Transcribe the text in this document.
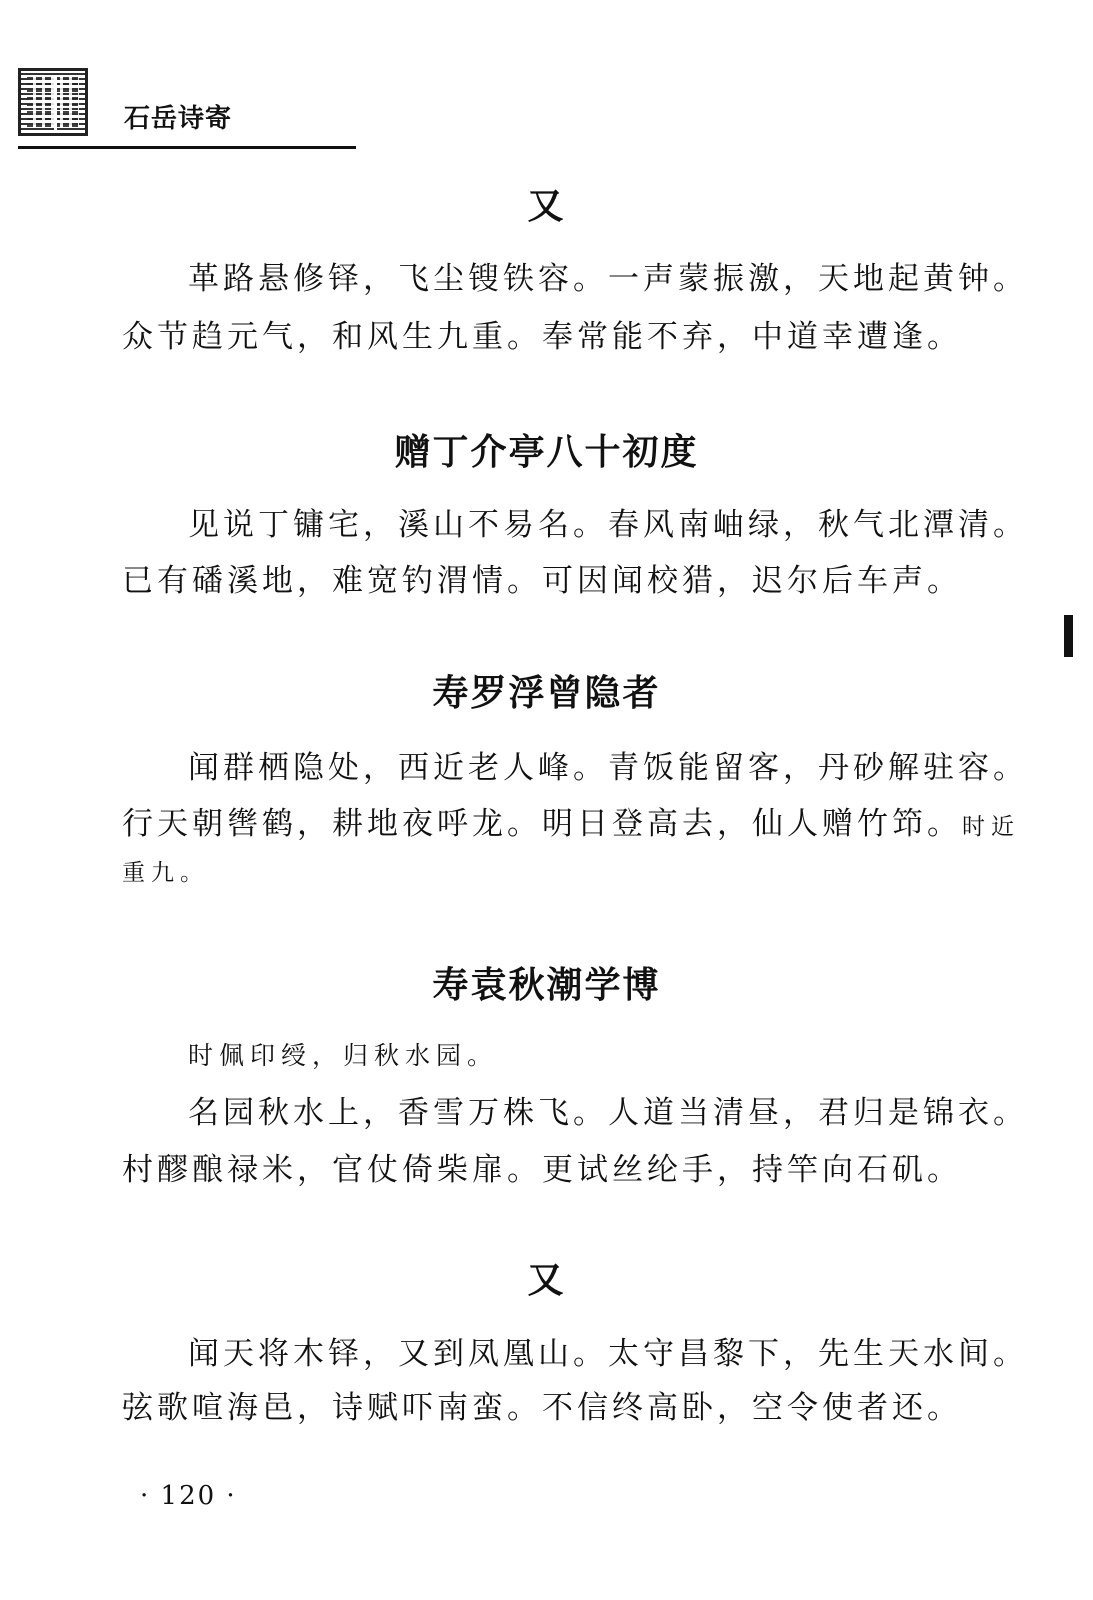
石岳诗寄
又
革路悬修铎，飞尘锼铁容。一声蒙振激，天地起黄钟。
众节趋元气，和风生九重。奉常能不弃，中道幸遭逢。
赠丁介亭八十初度
见说丁镛宅，溪山不易名。春风南岫绿，秋气北潭清。
已有磻溪地，难宽钓渭情。可因闻校猎，迟尔后车声。
寿罗浮曾隐者
闻群栖隐处，西近老人峰。青饭能留客，丹砂解驻容。
行天朝辔鹤，耕地夜呼龙。明日登高去，仙人赠竹笻。时近
重九。
寿袁秋潮学博
时佩印绶，归秋水园。
名园秋水上，香雪万株飞。人道当清昼，君归是锦衣。
村醪酿禄米，官仗倚柴扉。更试丝纶手，持竿向石矶。
又
闻天将木铎，又到凤凰山。太守昌黎下，先生天水间。
弦歌喧海邑，诗赋吓南蛮。不信终高卧，空令使者还。
· 120 ·
